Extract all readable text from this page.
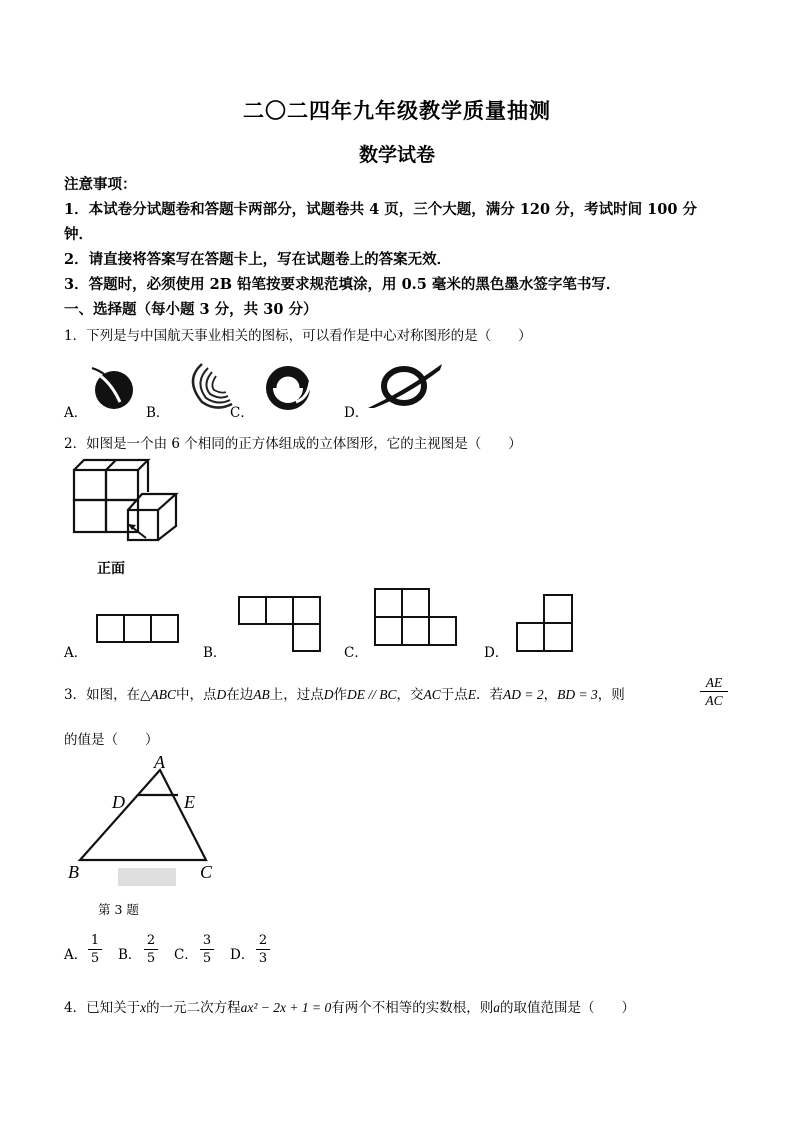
二〇二四年九年级教学质量抽测
数学试卷
注意事项：
1．本试卷分试题卷和答题卡两部分，试题卷共 4 页，三个大题，满分 120 分，考试时间 100 分
钟．
2．请直接将答案写在答题卡上，写在试题卷上的答案无效．
3．答题时，必须使用 2B 铅笔按要求规范填涂，用 0.5 毫米的黑色墨水签字笔书写．
一、选择题（每小题 3 分，共 30 分）
1．下列是与中国航天事业相关的图标，可以看作是中心对称图形的是（　　）
A．	B．	C．	D．
2．如图是一个由 6 个相同的正方体组成的立体图形，它的主视图是（　　）
正面
A．	B．	C．	D．
3．如图，在△ABC中，点D在边AB上，过点D作DE // BC，交AC于点E．若AD = 2，BD = 3，则	$\frac{AE}{AC}$
的值是（　　）
A
D	E
B	C
第 3 题
A． $\frac{1}{5}$ B． $\frac{2}{5}$ C． $\frac{3}{5}$ D． $\frac{2}{3}$
4．已知关于x的一元二次方程ax² − 2x + 1 = 0有两个不相等的实数根，则a的取值范围是（　　）
